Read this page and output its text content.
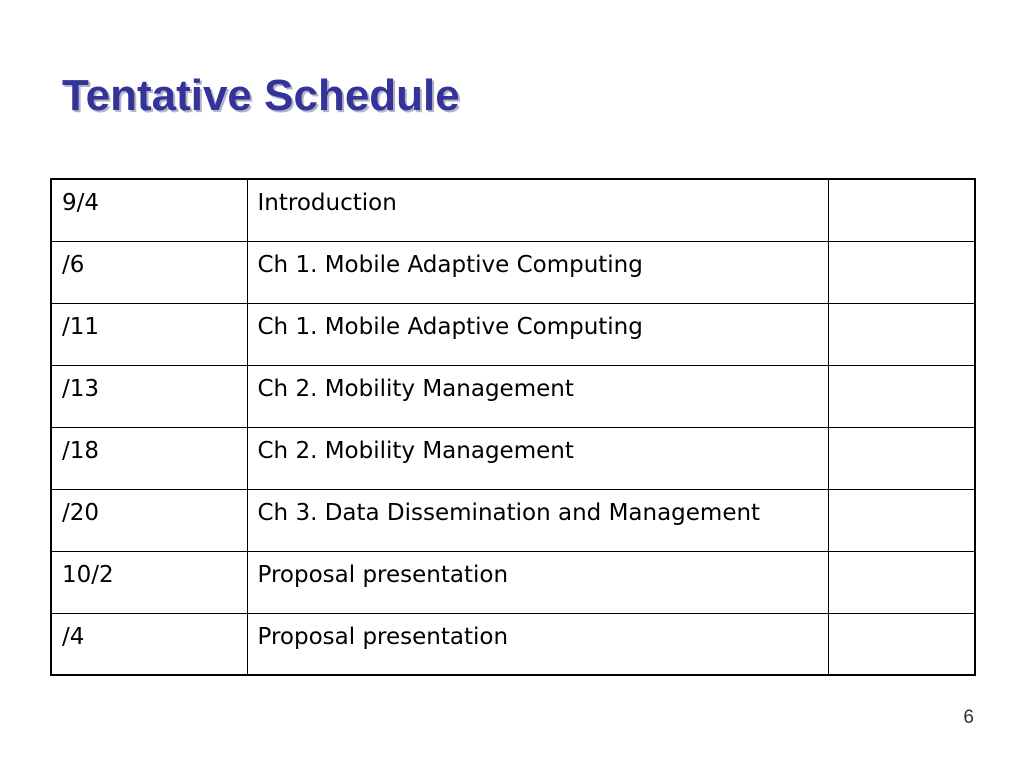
Tentative Schedule
9/4	Introduction	
/6	Ch 1. Mobile Adaptive Computing	
/11	Ch 1. Mobile Adaptive Computing	
/13	Ch 2. Mobility Management	
/18	Ch 2. Mobility Management	
/20	Ch 3. Data Dissemination and Management	
10/2	Proposal presentation	
/4	Proposal presentation	
6
